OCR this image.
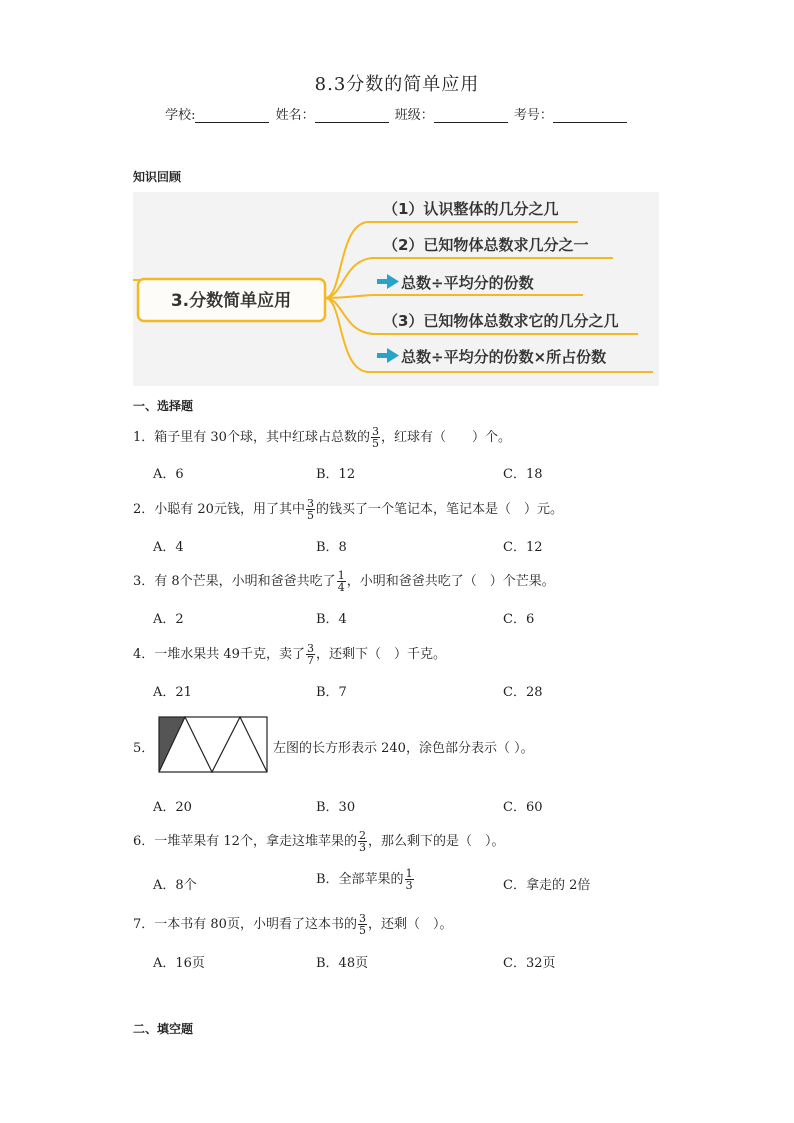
8.3分数的简单应用
学校:	姓名：	班级：	考号：
知识回顾
3.分数简单应用
（1）认识整体的几分之几
（2）已知物体总数求几分之一
总数÷平均分的份数
（3）已知物体总数求它的几分之几
总数÷平均分的份数×所占份数
一、选择题
1．箱子里有 30个球，其中红球占总数的 $\frac{3}{5}$ ，红球有（　　）个。
A．6	B．12	C．18
2．小聪有 20元钱，用了其中 $\frac{3}{5}$ 的钱买了一个笔记本，笔记本是（　）元。
A．4	B．8	C．12
3．有 8个芒果，小明和爸爸共吃了 $\frac{1}{4}$ ，小明和爸爸共吃了（　）个芒果。
A．2	B．4	C．6
4．一堆水果共 49千克，卖了 $\frac{3}{7}$ ，还剩下（　）千克。
A．21	B．7	C．28
5．	左图的长方形表示 240，涂色部分表示（ ）。
A．20	B．30	C．60
6．一堆苹果有 12个，拿走这堆苹果的 $\frac{2}{3}$ ，那么剩下的是（　）。
A．8个	B．全部苹果的 $\frac{1}{3}$	C．拿走的 2倍
7．一本书有 80页，小明看了这本书的 $\frac{3}{5}$ ，还剩（　）。
A．16页	B．48页	C．32页
二、填空题
